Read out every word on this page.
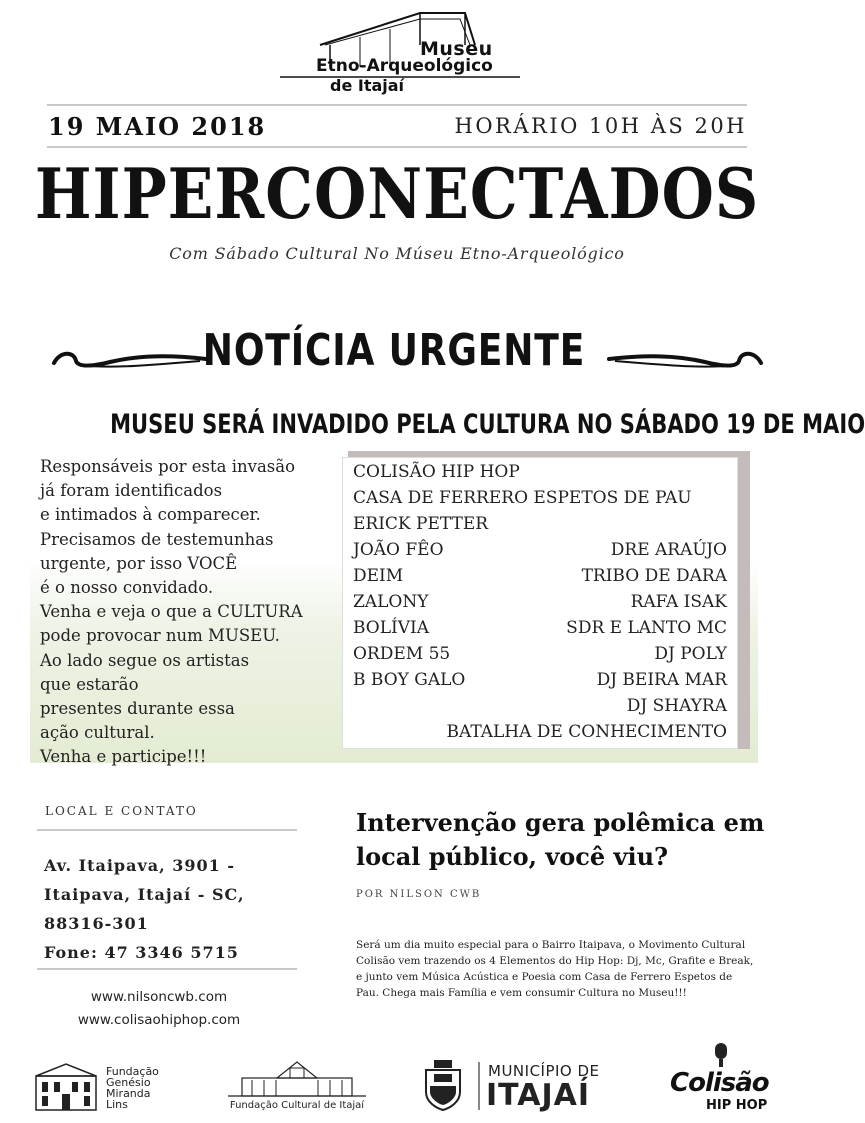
Museu
Etno-Arqueológico
de Itajaí
19 MAIO 2018	HORÁRIO 10H ÀS 20H
HIPERCONECTADOS
Com Sábado Cultural No Múseu Etno-Arqueológico
NOTÍCIA URGENTE
MUSEU SERÁ INVADIDO PELA CULTURA NO SÁBADO 19 DE MAIO
Responsáveis por esta invasão
já foram identificados
e intimados à comparecer.
Precisamos de testemunhas
urgente, por isso VOCÊ
é o nosso convidado.
Venha e veja o que a CULTURA
pode provocar num MUSEU.
Ao lado segue os artistas
que estarão
presentes durante essa
ação cultural.
Venha e participe!!!
COLISÃO HIP HOP
CASA DE FERRERO ESPETOS DE PAU
ERICK PETTER
JOÃO FÊO	DRE ARAÚJO
DEIM	TRIBO DE DARA
ZALONY	RAFA ISAK
BOLÍVIA	SDR E LANTO MC
ORDEM 55	DJ POLY
B BOY GALO	DJ BEIRA MAR
DJ SHAYRA
BATALHA DE CONHECIMENTO
LOCAL E CONTATO
Av. Itaipava, 3901 -
Itaipava, Itajaí - SC,
88316-301
Fone: 47 3346 5715
www.nilsoncwb.com
www.colisaohiphop.com
Intervenção gera polêmica em local público, você viu?
POR NILSON CWB
Será um dia muito especial para o Bairro Itaipava, o Movimento Cultural Colisão vem trazendo os 4 Elementos do Hip Hop: Dj, Mc, Grafite e Break, e junto vem Música Acústica e Poesia com Casa de Ferrero Espetos de Pau. Chega mais Família e vem consumir Cultura no Museu!!!
Fundação
Genésio
Miranda
Lins	Fundação Cultural de Itajaí
MUNICÍPIO DE
ITAJAÍ	Colisão
HIP HOP
